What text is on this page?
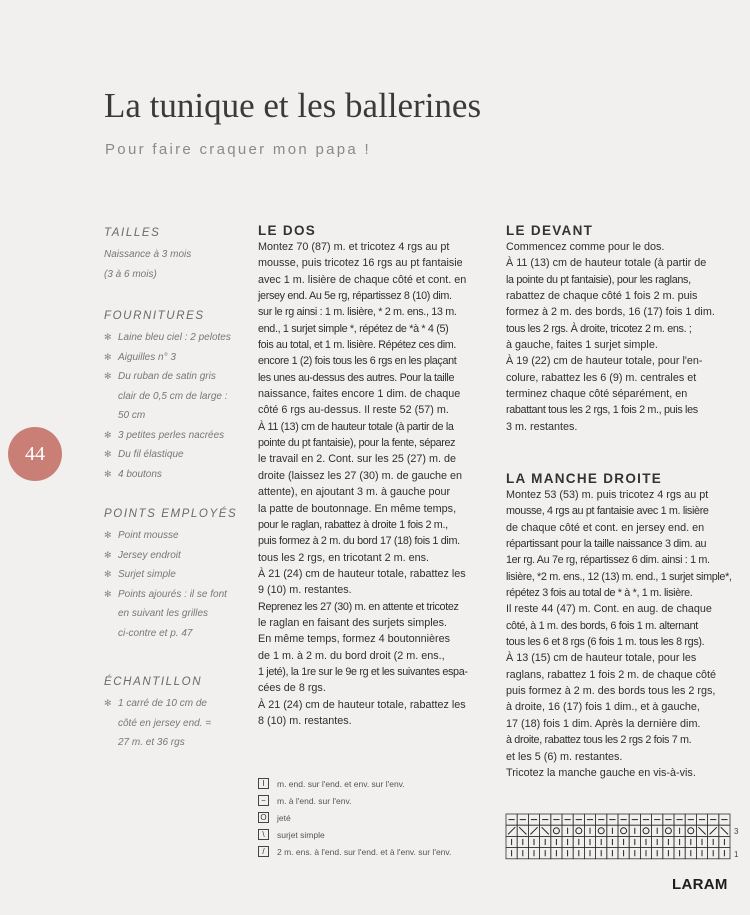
La tunique et les ballerines
Pour faire craquer mon papa !
44
TAILLES
Naissance à 3 mois
(3 à 6 mois)
FOURNITURES
✻ Laine bleu ciel : 2 pelotes
✻ Aiguilles n° 3
✻ Du ruban de satin gris
clair de 0,5 cm de large :
50 cm
✻ 3 petites perles nacrées
✻ Du fil élastique
✻ 4 boutons
POINTS EMPLOYÉS
✻ Point mousse
✻ Jersey endroit
✻ Surjet simple
✻ Points ajourés : il se font
en suivant les grilles
ci-contre et p. 47
ÉCHANTILLON
✻ 1 carré de 10 cm de
côté en jersey end. =
27 m. et 36 rgs
LE DOS

Montez 70 (87) m. et tricotez 4 rgs au pt

mousse, puis tricotez 16 rgs au pt fantaisie

avec 1 m. lisière de chaque côté et cont. en

jersey end. Au 5e rg, répartissez 8 (10) dim.

sur le rg ainsi : 1 m. lisière, * 2 m. ens., 13 m.

end., 1 surjet simple *, répétez de *à * 4 (5)

fois au total, et 1 m. lisière. Répétez ces dim.

encore 1 (2) fois tous les 6 rgs en les plaçant

les unes au-dessus des autres. Pour la taille

naissance, faites encore 1 dim. de chaque

côté 6 rgs au-dessus. Il reste 52 (57) m.

À 11 (13) cm de hauteur totale (à partir de la

pointe du pt fantaisie), pour la fente, séparez

le travail en 2. Cont. sur les 25 (27) m. de

droite (laissez les 27 (30) m. de gauche en

attente), en ajoutant 3 m. à gauche pour

la patte de boutonnage. En même temps,

pour le raglan, rabattez à droite 1 fois 2 m.,

puis formez à 2 m. du bord 17 (18) fois 1 dim.

tous les 2 rgs, en tricotant 2 m. ens.

À 21 (24) cm de hauteur totale, rabattez les

9 (10) m. restantes.

Reprenez les 27 (30) m. en attente et tricotez

le raglan en faisant des surjets simples.

En même temps, formez 4 boutonnières

de 1 m. à 2 m. du bord droit (2 m. ens.,

1 jeté), la 1re sur le 9e rg et les suivantes espa-

cées de 8 rgs.

À 21 (24) cm de hauteur totale, rabattez les

8 (10) m. restantes.

LE DEVANT

Commencez comme pour le dos.

À 11 (13) cm de hauteur totale (à partir de

la pointe du pt fantaisie), pour les raglans,

rabattez de chaque côté 1 fois 2 m. puis

formez à 2 m. des bords, 16 (17) fois 1 dim.

tous les 2 rgs. À droite, tricotez 2 m. ens. ;

à gauche, faites 1 surjet simple.

À 19 (22) cm de hauteur totale, pour l'en-

colure, rabattez les 6 (9) m. centrales et

terminez chaque côté séparément, en

rabattant tous les 2 rgs, 1 fois 2 m., puis les

3 m. restantes.

LA MANCHE DROITE

Montez 53 (53) m. puis tricotez 4 rgs au pt

mousse, 4 rgs au pt fantaisie avec 1 m. lisière

de chaque côté et cont. en jersey end. en

répartissant pour la taille naissance 3 dim. au

1er rg. Au 7e rg, répartissez 6 dim. ainsi : 1 m.

lisière, *2 m. ens., 12 (13) m. end., 1 surjet simple*,

répétez 3 fois au total de * à *, 1 m. lisière.

Il reste 44 (47) m. Cont. en aug. de chaque

côté, à 1 m. des bords, 6 fois 1 m. alternant

tous les 6 et 8 rgs (6 fois 1 m. tous les 8 rgs).

À 13 (15) cm de hauteur totale, pour les

raglans, rabattez 1 fois 2 m. de chaque côté

puis formez à 2 m. des bords tous les 2 rgs,

à droite, 16 (17) fois 1 dim., et à gauche,

17 (18) fois 1 dim. Après la dernière dim.

à droite, rabattez tous les 2 rgs 2 fois 7 m.

et les 5 (6) m. restantes.

Tricotez la manche gauche en vis-à-vis.

I	m. end. sur l'end. et env. sur l'env.
−	m. à l'end. sur l'env.
O jeté
\	surjet simple
/	2 m. ens. à l'end. sur l'end. et à l'env. sur l'env.
3
1
LARAM
